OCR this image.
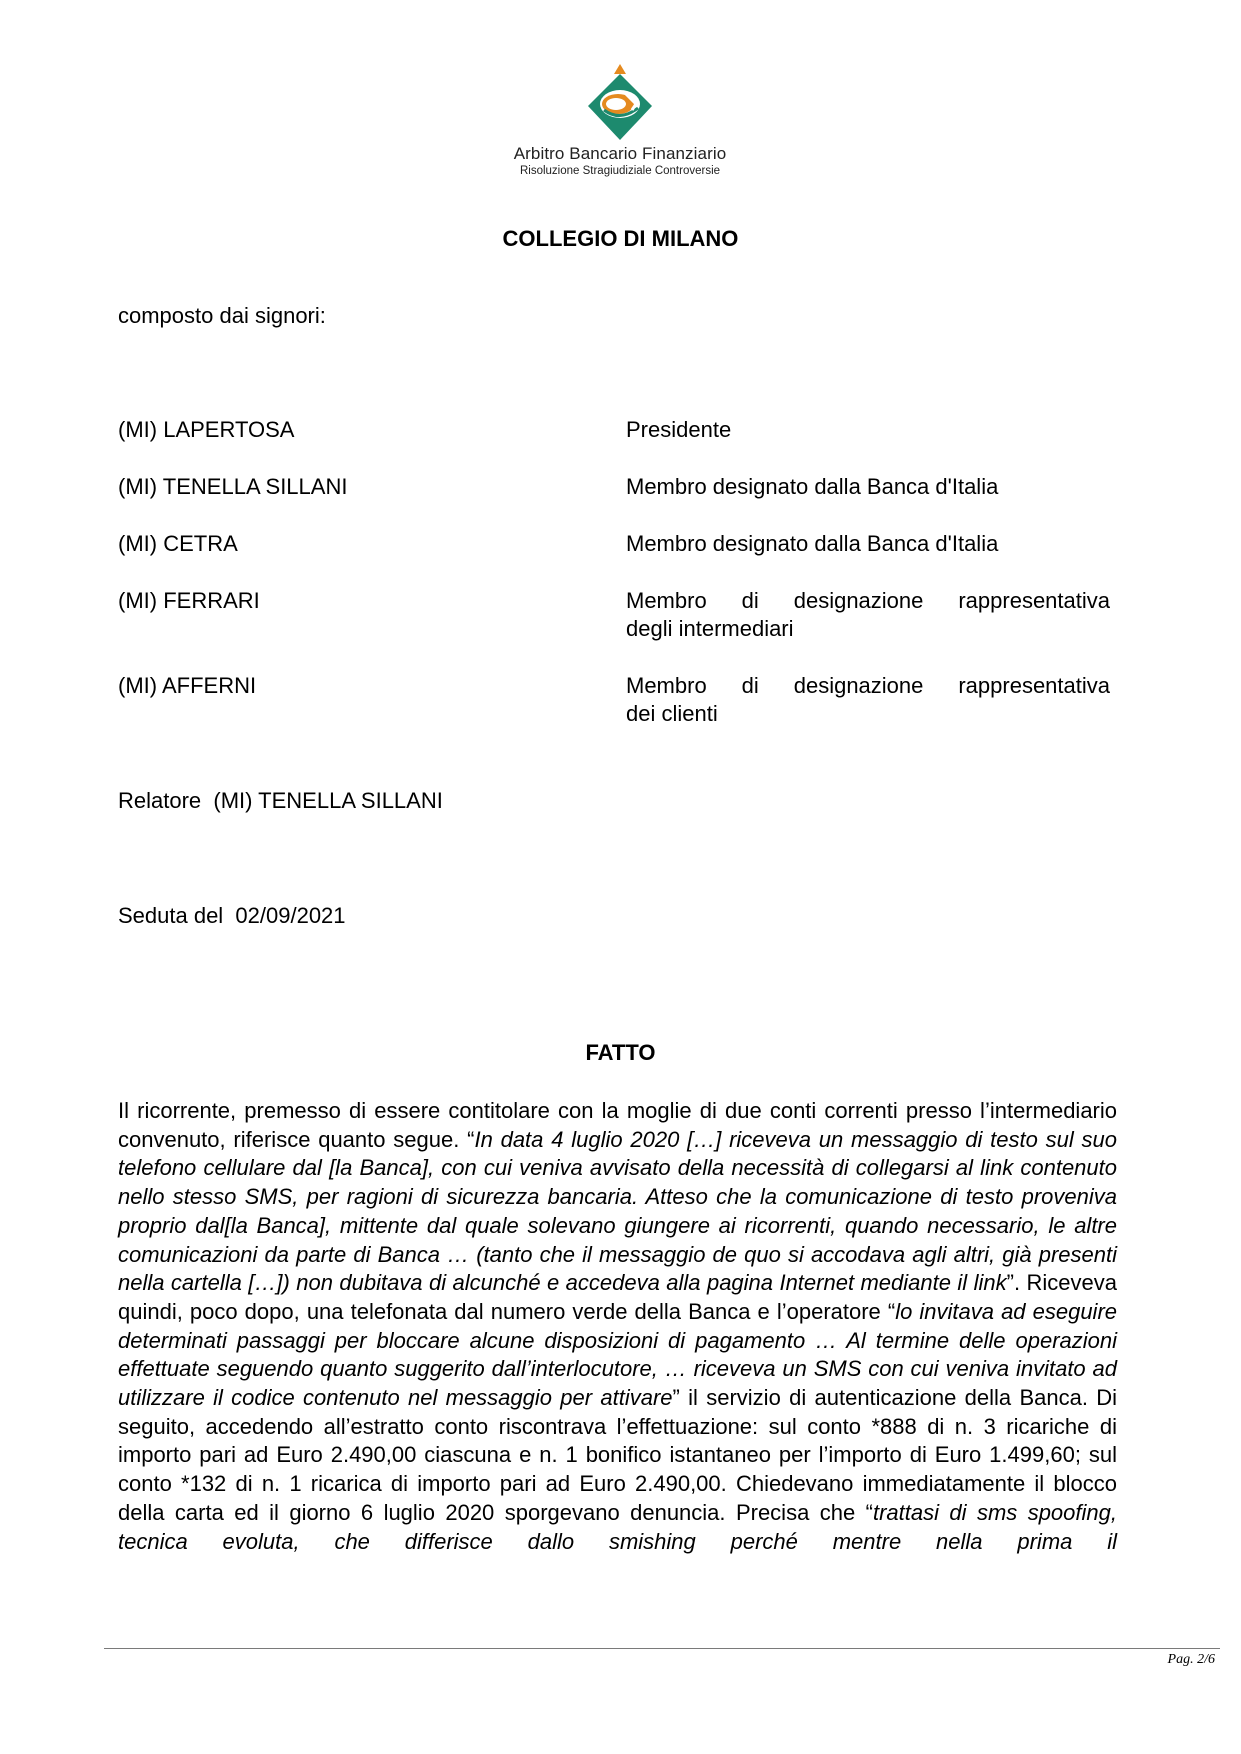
Arbitro Bancario Finanziario
Risoluzione Stragiudiziale Controversie
COLLEGIO DI MILANO
composto dai signori:
(MI) LAPERTOSA	Presidente
(MI) TENELLA SILLANI	Membro designato dalla Banca d'Italia
(MI) CETRA	Membro designato dalla Banca d'Italia
(MI) FERRARI	Membro di designazione rappresentativa
degli intermediari
(MI) AFFERNI	Membro di designazione rappresentativa
dei clienti
Relatore  (MI) TENELLA SILLANI
Seduta del  02/09/2021
FATTO

Il ricorrente, premesso di essere contitolare con la moglie di due conti correnti presso l’intermediario convenuto, riferisce quanto segue. “In data 4 luglio 2020 […] riceveva un messaggio di testo sul suo telefono cellulare dal [la Banca], con cui veniva avvisato della necessità di collegarsi al link contenuto nello stesso SMS, per ragioni di sicurezza bancaria. Atteso che la comunicazione di testo proveniva proprio dal[la Banca], mittente dal quale solevano giungere ai ricorrenti, quando necessario, le altre comunicazioni da parte di Banca … (tanto che il messaggio de quo si accodava agli altri, già presenti nella cartella […]) non dubitava di alcunché e accedeva alla pagina Internet mediante il link”. Riceveva quindi, poco dopo, una telefonata dal numero verde della Banca e l’operatore “lo invitava ad eseguire determinati passaggi per bloccare alcune disposizioni di pagamento … Al termine delle operazioni effettuate seguendo quanto suggerito dall’interlocutore, … riceveva un SMS con cui veniva invitato ad utilizzare il codice contenuto nel messaggio per attivare” il servizio di autenticazione della Banca. Di seguito, accedendo all’estratto conto riscontrava l’effettuazione: sul conto *888 di n. 3 ricariche di importo pari ad Euro 2.490,00 ciascuna e n. 1 bonifico istantaneo per l’importo di Euro 1.499,60; sul conto *132 di n. 1 ricarica di importo pari ad Euro 2.490,00. Chiedevano immediatamente il blocco della carta ed il giorno 6 luglio 2020 sporgevano denuncia. Precisa che “trattasi di sms spoofing, tecnica evoluta, che differisce dallo smishing perché mentre nella prima il

Pag. 2/6
